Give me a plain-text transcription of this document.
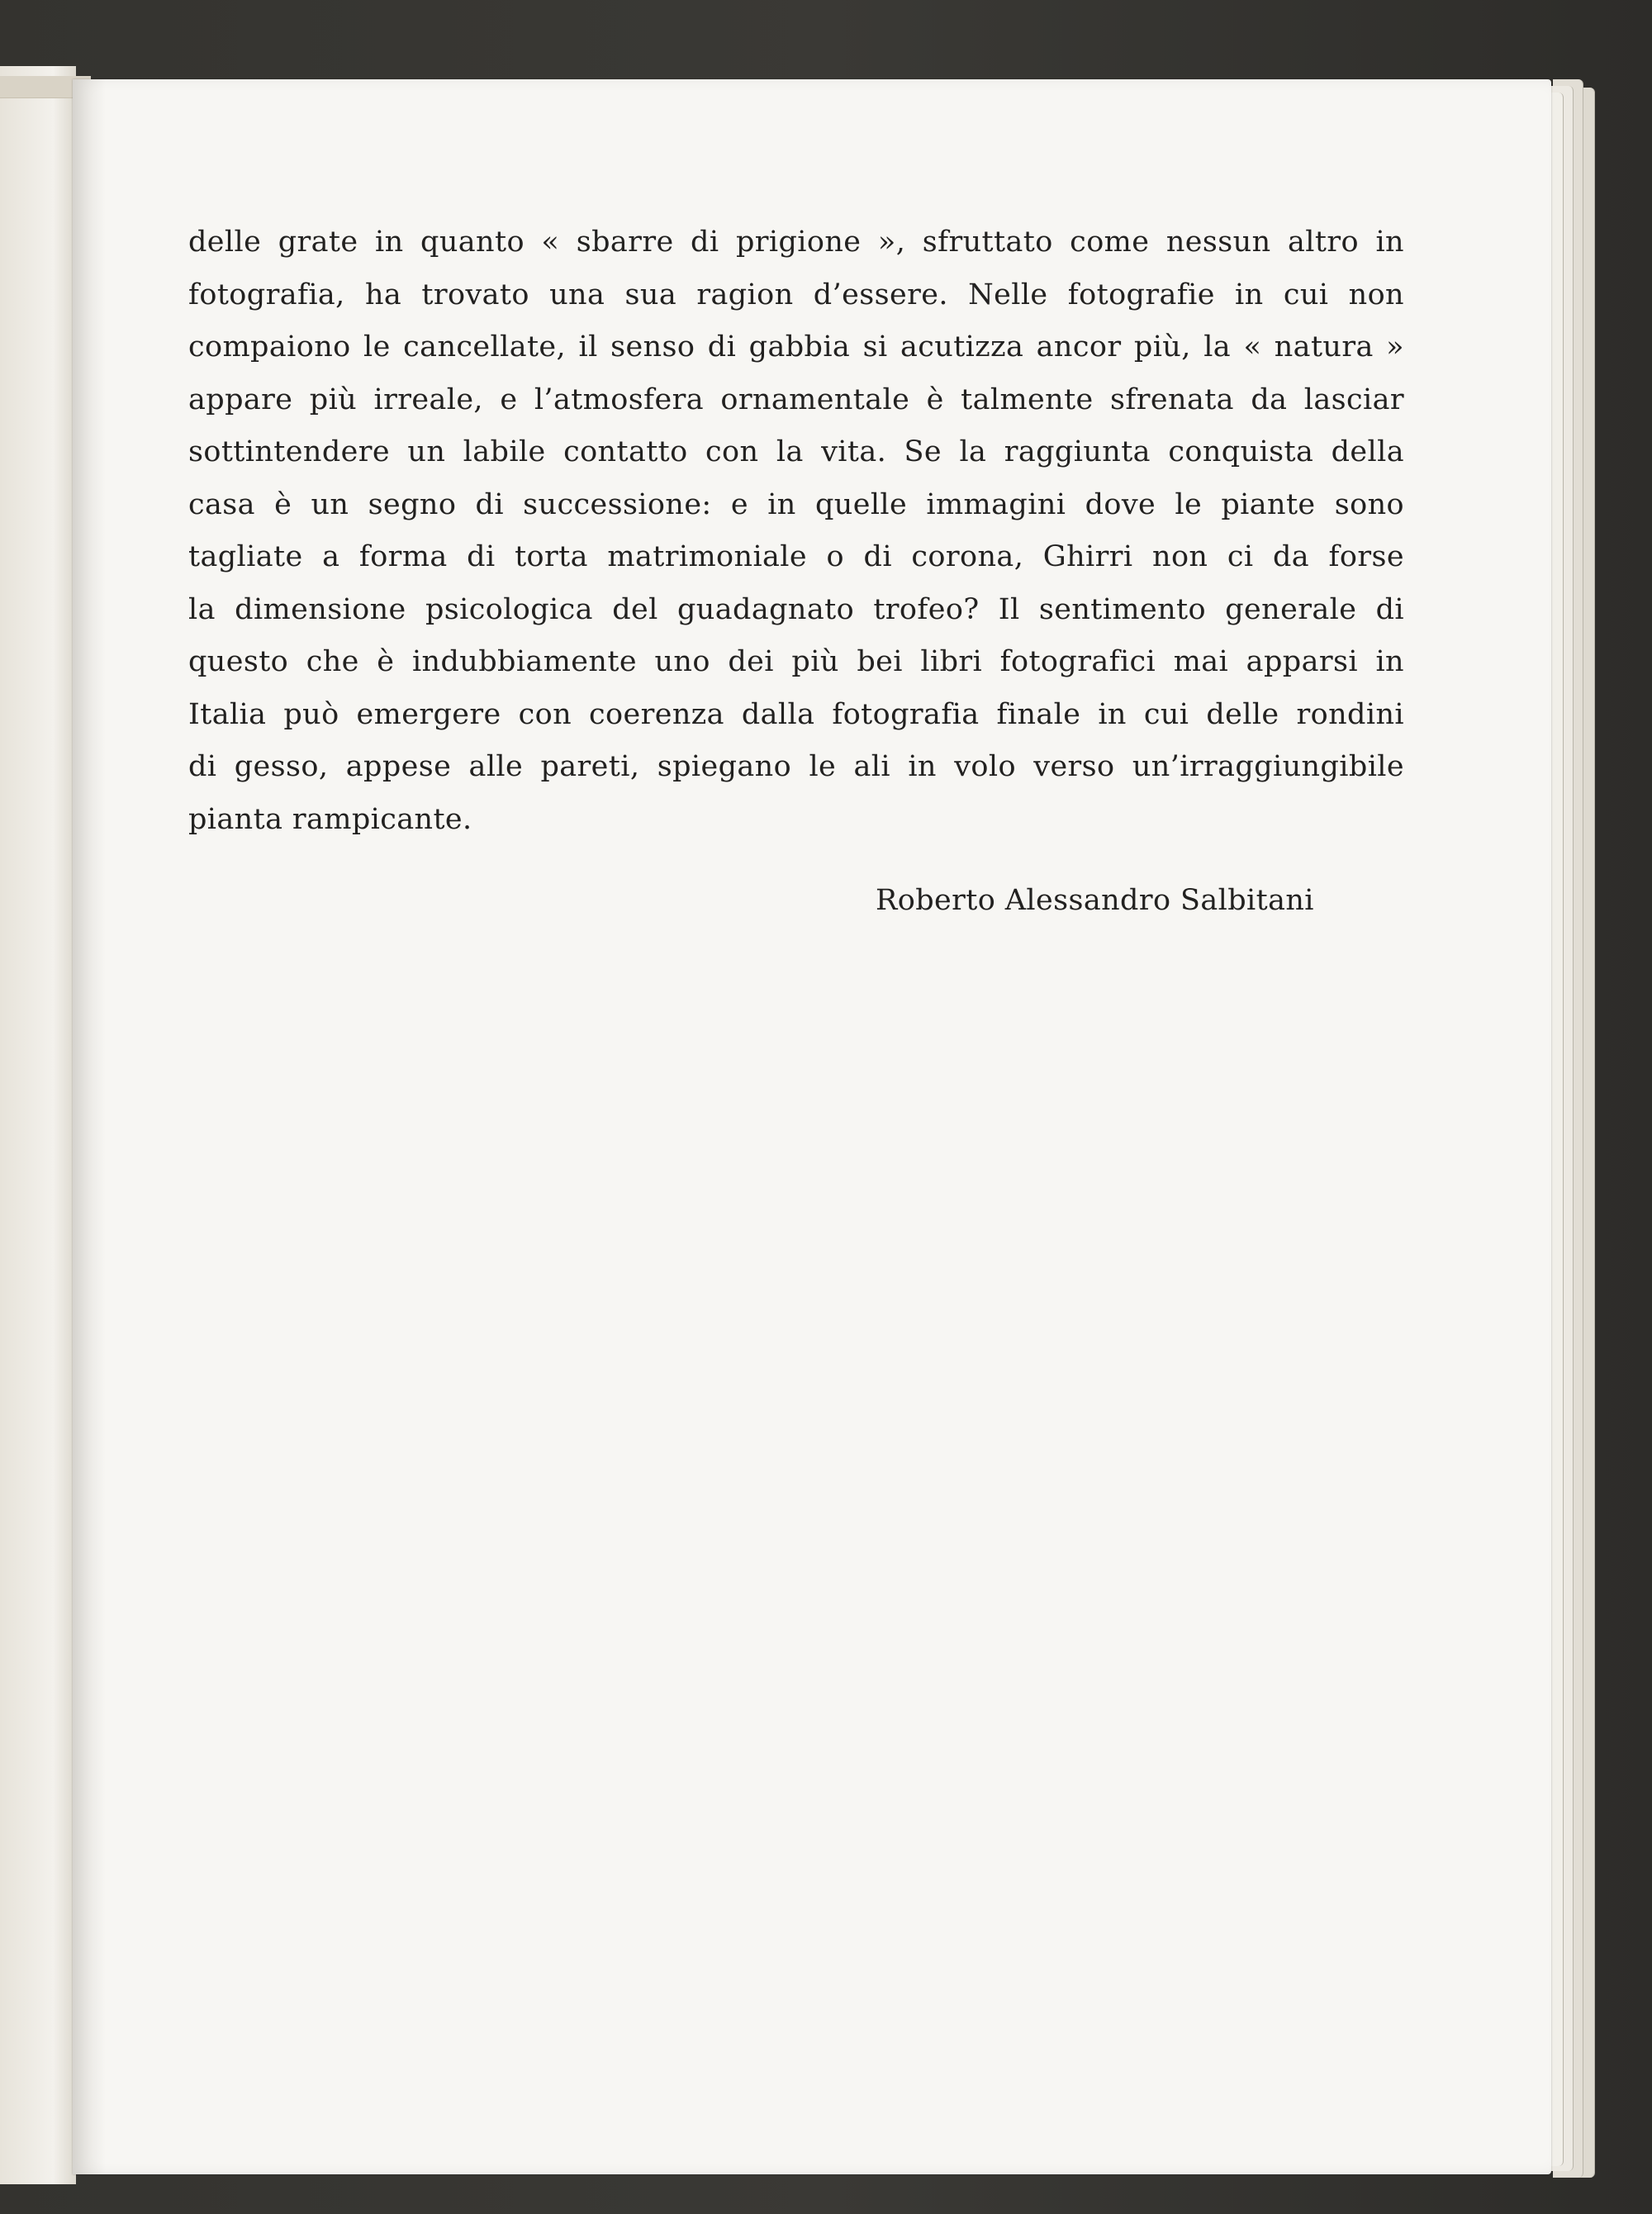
delle grate in quanto « sbarre di prigione », sfruttato come nessun altro in
fotografia, ha trovato una sua ragion d’essere. Nelle fotografie in cui non
compaiono le cancellate, il senso di gabbia si acutizza ancor più, la « natura »
appare più irreale, e l’atmosfera ornamentale è talmente sfrenata da lasciar
sottintendere un labile contatto con la vita. Se la raggiunta conquista della
casa è un segno di successione: e in quelle immagini dove le piante sono
tagliate a forma di torta matrimoniale o di corona, Ghirri non ci da forse
la dimensione psicologica del guadagnato trofeo? Il sentimento generale di
questo che è indubbiamente uno dei più bei libri fotografici mai apparsi in
Italia può emergere con coerenza dalla fotografia finale in cui delle rondini
di gesso, appese alle pareti, spiegano le ali in volo verso un’irraggiungibile
pianta rampicante.

Roberto Alessandro Salbitani
